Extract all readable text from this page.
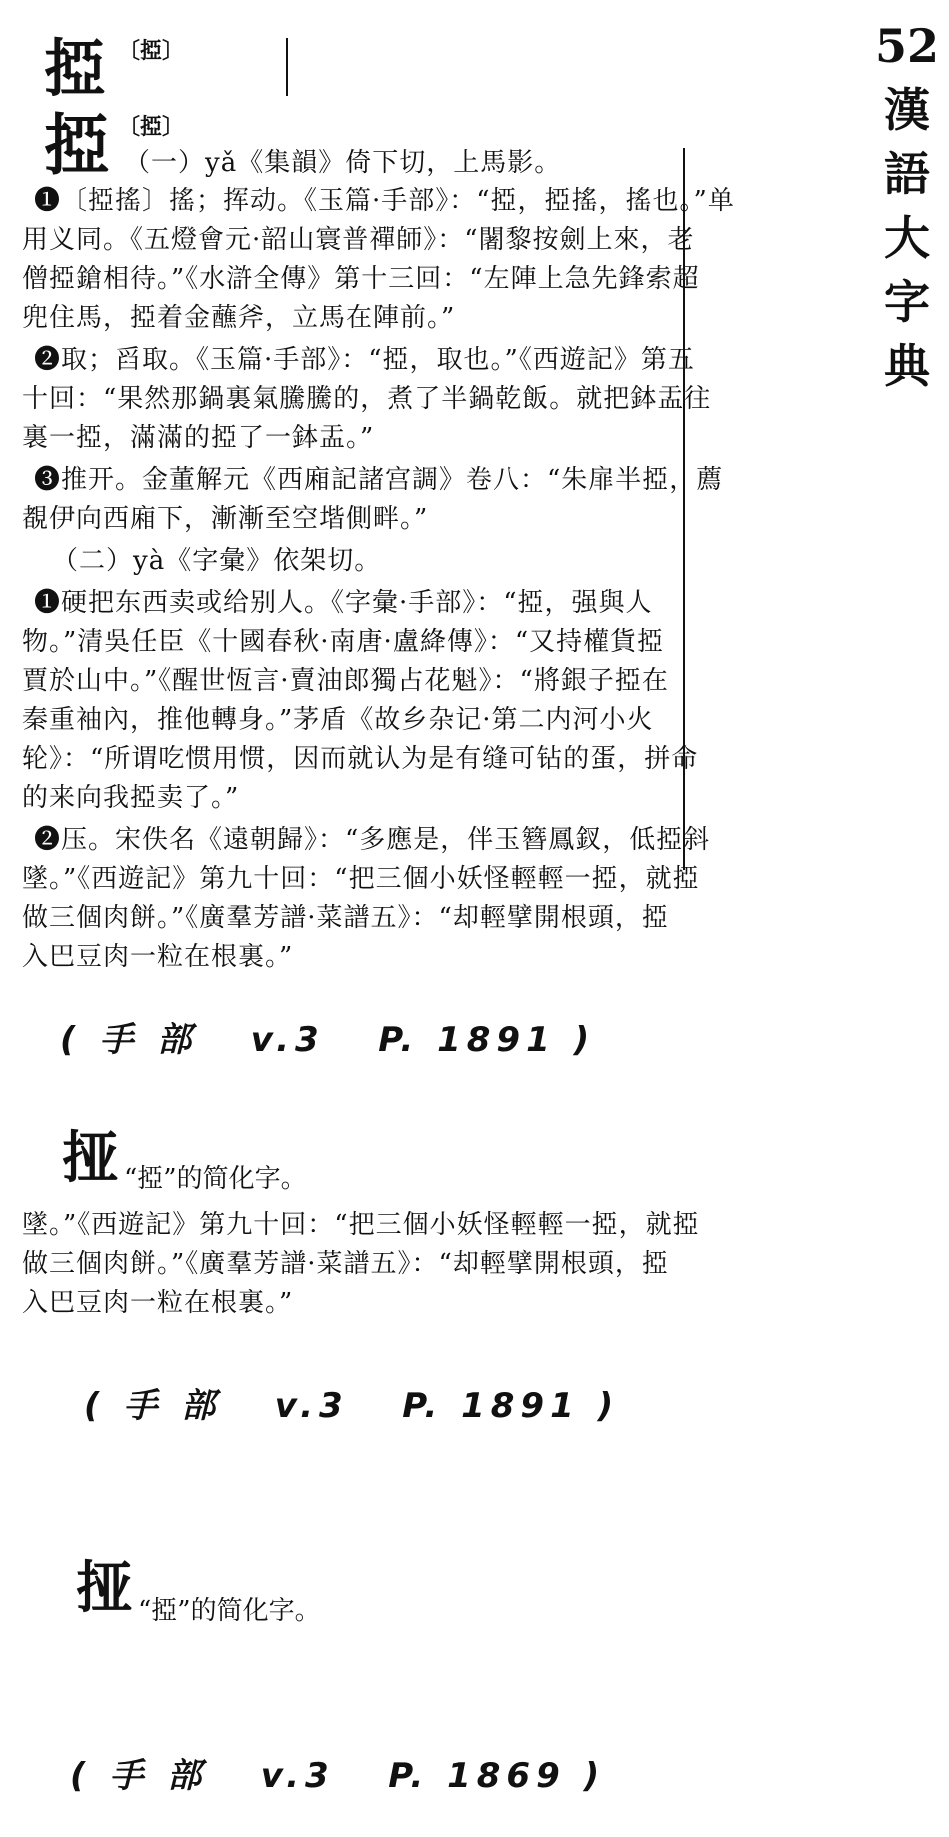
52漢語大字典
掗 〔掗〕
掗 〔掗〕
（一）yǎ《集韻》倚下切，上馬影。
❶〔掗搖〕搖；挥动。《玉篇·手部》：“掗，掗搖，搖也。”单
用义同。《五燈會元·韶山寰普禪師》：“闍黎按劍上來，老
僧掗鎗相待。”《水滸全傳》第十三回：“左陣上急先鋒索超
兜住馬，掗着金蘸斧，立馬在陣前。”
❷取；舀取。《玉篇·手部》：“掗，取也。”《西遊記》第五
十回：“果然那鍋裏氣騰騰的，煮了半鍋乾飯。就把鉢盂往
裏一掗，滿滿的掗了一鉢盂。”
❸推开。金董解元《西廂記諸宫調》卷八：“朱扉半掗，薦
覩伊向西廂下，漸漸至空堦側畔。”
（二）yà《字彙》依架切。
❶硬把东西卖或给别人。《字彙·手部》：“掗，强與人
物。”清吳任臣《十國春秋·南唐·盧絳傳》：“又持權貨掗
賈於山中。”《醒世恆言·賣油郎獨占花魁》：“將銀子掗在
秦重袖內，推他轉身。”茅盾《故乡杂记·第二内河小火
轮》：“所谓吃惯用惯，因而就认为是有缝可钻的蛋，拼命
的来向我掗卖了。”
❷压。宋佚名《遠朝歸》：“多應是，伴玉簪鳳釵，低掗斜
墜。”《西遊記》第九十回：“把三個小妖怪輕輕一掗，就掗
做三個肉餅。”《廣羣芳譜·菜譜五》：“却輕擘開根頭，掗
入巴豆肉一粒在根裏。”
( 手 部   v.3   P. 1891 )
挜 “掗”的简化字。
墜。”《西遊記》第九十回：“把三個小妖怪輕輕一掗，就掗
做三個肉餅。”《廣羣芳譜·菜譜五》：“却輕擘開根頭，掗
入巴豆肉一粒在根裏。”
( 手 部   v.3   P. 1891 )
挜 “掗”的简化字。
( 手 部   v.3   P. 1869 )
